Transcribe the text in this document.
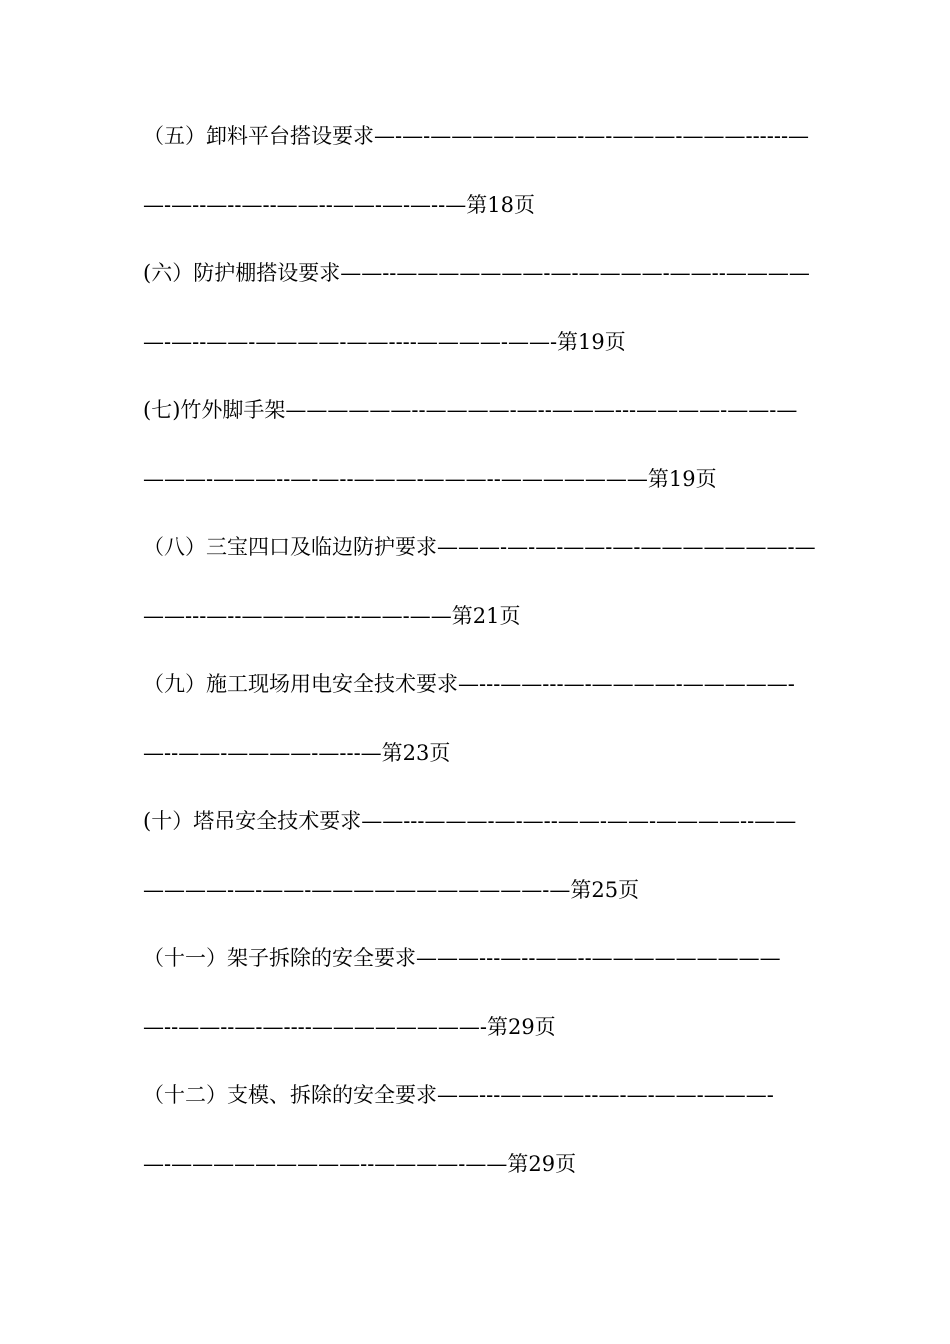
（五）卸料平台搭设要求—-—-———————-—-———-———------—
—-—--—--—--——--——-—-—--—第18页
(六）防护棚搭设要求——--———————-—-————-——--————
—-—--——-————-——----————-——-第19页
(七)竹外脚手架——————--————-—--———---————-——-—
———-———--—-—--———-———--———————第19页
（八）三宝四口及临边防护要求———-—-—-——-—-———————-—
——---—--—————--——-——第21页
（九）施工现场用电安全技术要求—---——---—-————-—————-
—--——-————-—---—第23页
(十）塔吊安全技术要求——---———-—-—--——-——-————--——
————-—-——-———————————-—第25页
（十一）架子拆除的安全要求———---—--——--—————————
—--——--—-—----————————-第29页
（十二）支模、拆除的安全要求——---————--—-—-——-———-
—-—————————--————-——第29页
